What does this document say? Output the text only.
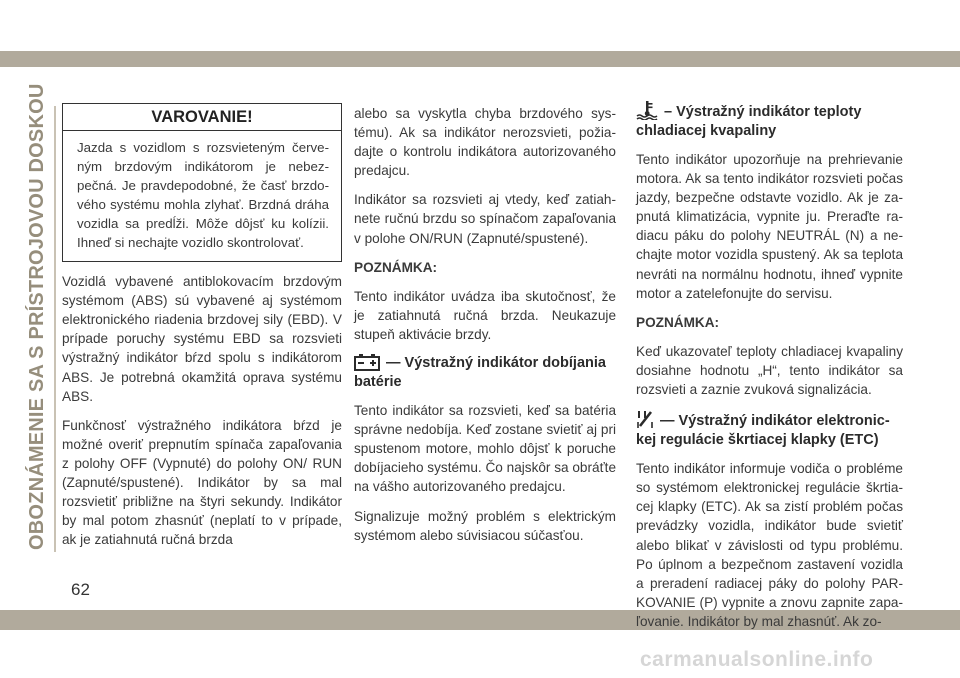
OBOZNÁMENIE SA S PRÍSTROJOVOU DOSKOU
62
VAROVANIE!
Jazda s vozidlom s rozsvieteným červeným brzdovým indikátorom je nebezpečná. Je pravdepodobné, že časť brzdového systému mohla zlyhať. Brzdná dráha vozidla sa predĺži. Môže dôjsť ku kolízii. Ihneď si nechajte vozidlo skontrolovať.

Vozidlá vybavené antiblokovacím brzdovým systémom (ABS) sú vybavené aj systémom elektronického riadenia brzdovej sily (EBD). V prípade poruchy systému EBD sa rozsvieti výstražný indikátor bŕzd spolu s indikátorom ABS. Je potrebná okamžitá oprava systému ABS.

Funkčnosť výstražného indikátora bŕzd je možné overiť prepnutím spínača zapaľovania z polohy OFF (Vypnuté) do polohy ON/ RUN (Zapnuté/spustené). Indikátor by sa mal rozsvietiť približne na štyri sekundy. Indikátor by mal potom zhasnúť (neplatí to v prípade, ak je zatiahnutá ručná brzda

alebo sa vyskytla chyba brzdového systému). Ak sa indikátor nerozsvieti, požiadajte o kontrolu indikátora autorizovaného predajcu.

Indikátor sa rozsvieti aj vtedy, keď zatiahnete ručnú brzdu so spínačom zapaľovania v polohe ON/RUN (Zapnuté/spustené).

POZNÁMKA:

Tento indikátor uvádza iba skutočnosť, že je zatiahnutá ručná brzda. Neukazuje stupeň aktivácie brzdy.

— Výstražný indikátor dobíjania batérie

Tento indikátor sa rozsvieti, keď sa batéria správne nedobíja. Keď zostane svietiť aj pri spustenom motore, mohlo dôjsť k poruche dobíjacieho systému. Čo najskôr sa obráťte na vášho autorizovaného predajcu.

Signalizuje možný problém s elektrickým systémom alebo súvisiacou súčasťou.

– Výstražný indikátor teploty chladiacej kvapaliny

Tento indikátor upozorňuje na prehrievanie motora. Ak sa tento indikátor rozsvieti počas jazdy, bezpečne odstavte vozidlo. Ak je zapnutá klimatizácia, vypnite ju. Preraďte radiacu páku do polohy NEUTRÁL (N) a nechajte motor vozidla spustený. Ak sa teplota nevráti na normálnu hodnotu, ihneď vypnite motor a zatelefonujte do servisu.

POZNÁMKA:

Keď ukazovateľ teploty chladiacej kvapaliny dosiahne hodnotu „H“, tento indikátor sa rozsvieti a zaznie zvuková signalizácia.

— Výstražný indikátor elektronickej regulácie škrtiacej klapky (ETC)

Tento indikátor informuje vodiča o probléme so systémom elektronickej regulácie škrtiacej klapky (ETC). Ak sa zistí problém počas prevádzky vozidla, indikátor bude svietiť alebo blikať v závislosti od typu problému. Po úplnom a bezpečnom zastavení vozidla a preradení radiacej páky do polohy PARKOVANIE (P) vypnite a znovu zapnite zapaľovanie. Indikátor by mal zhasnúť. Ak zo-

carmanualsonline.info
